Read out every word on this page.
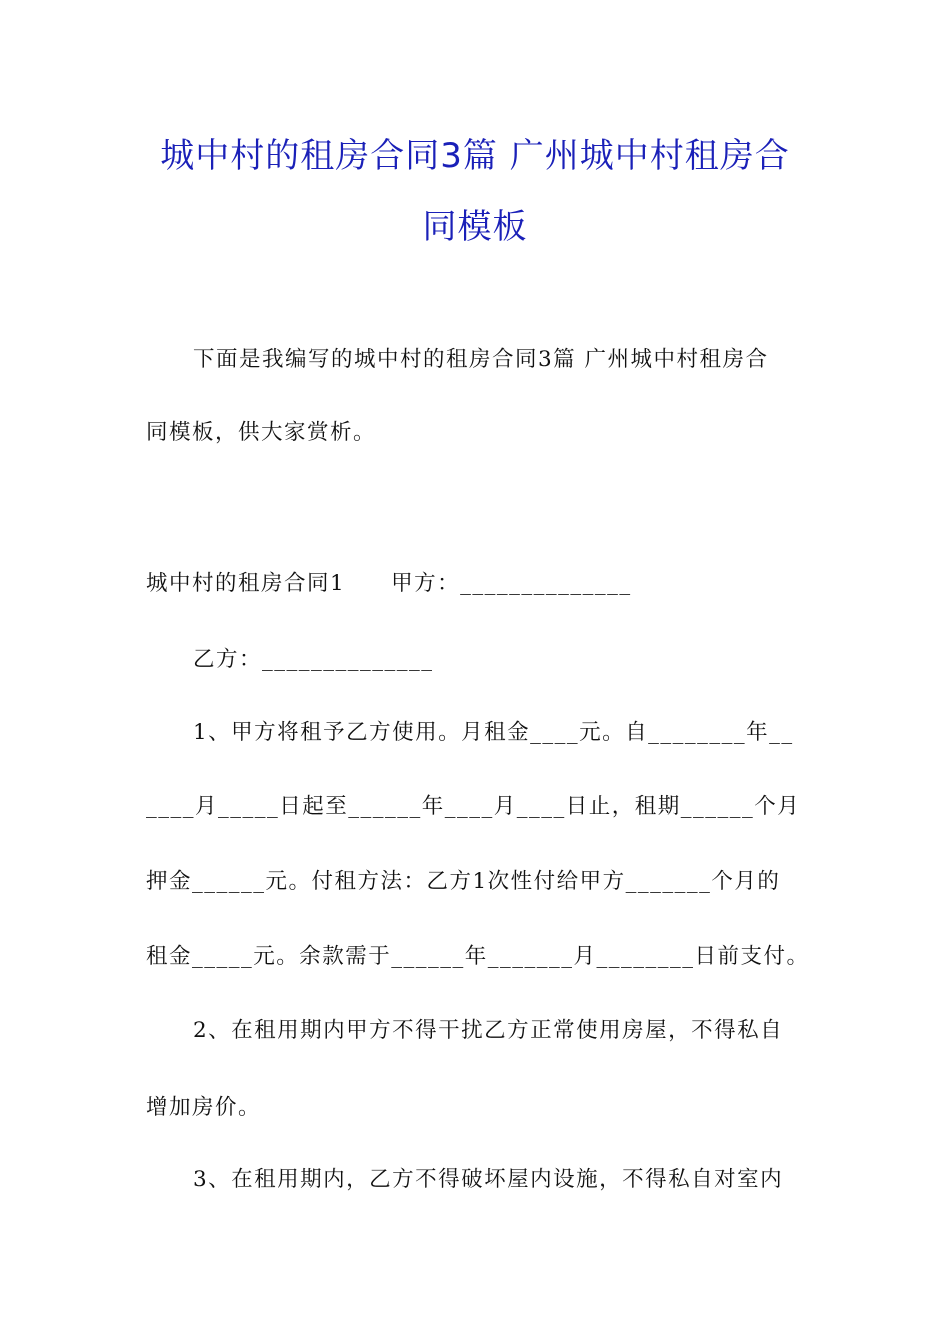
城中村的租房合同3篇 广州城中村租房合
同模板
下面是我编写的城中村的租房合同3篇 广州城中村租房合
同模板，供大家赏析。
城中村的租房合同1　　甲方：______________
乙方：______________
1、甲方将租予乙方使用。月租金____元。自________年__
____月_____日起至______年____月____日止，租期______个月
押金______元。付租方法：乙方1次性付给甲方_______个月的
租金_____元。余款需于______年_______月________日前支付。
2、在租用期内甲方不得干扰乙方正常使用房屋，不得私自
增加房价。
3、在租用期内，乙方不得破坏屋内设施，不得私自对室内
